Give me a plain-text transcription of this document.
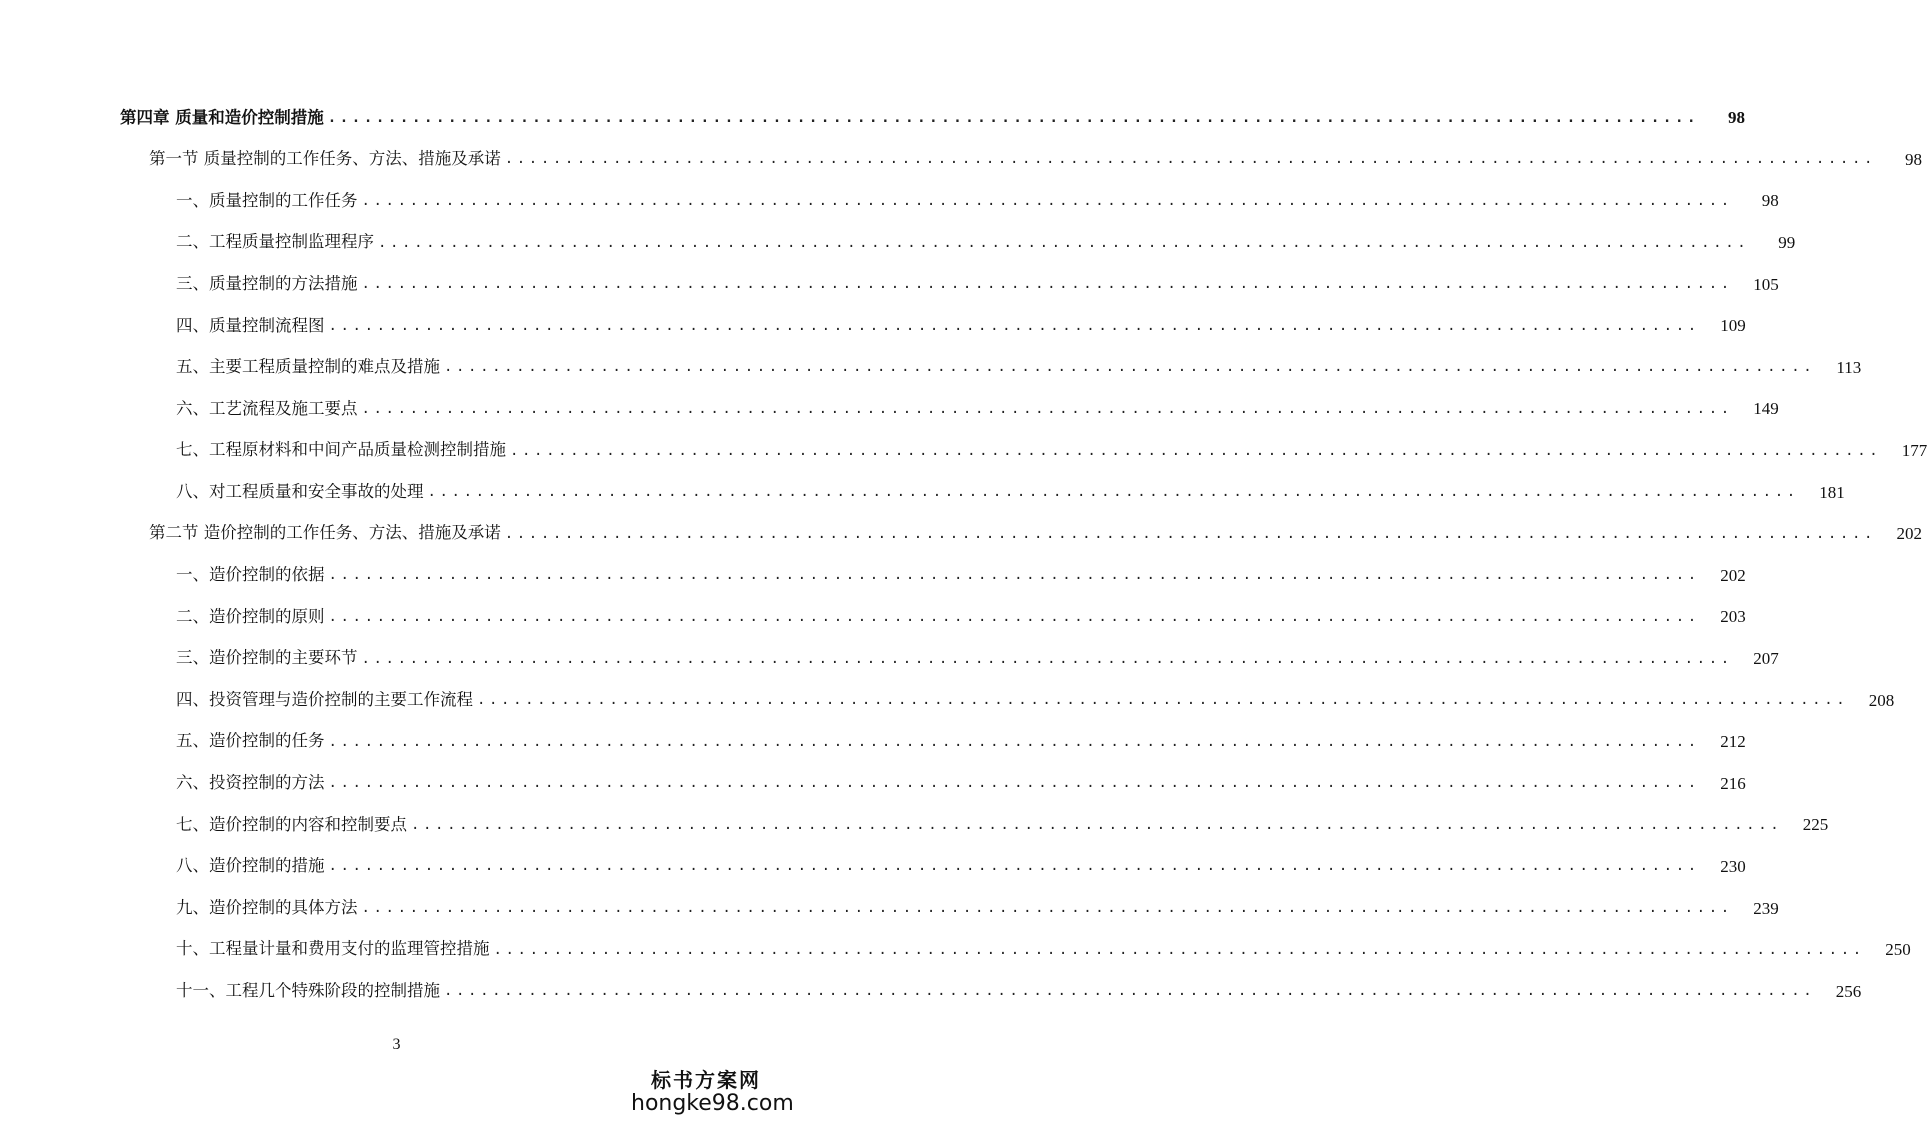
第四章 质量和造价控制措施 ..................................................................................................................	98
第一节 质量控制的工作任务、方法、措施及承诺 ..................................................................................................................	98
一、质量控制的工作任务 ..................................................................................................................	98
二、工程质量控制监理程序 ..................................................................................................................	99
三、质量控制的方法措施 ..................................................................................................................	105
四、质量控制流程图 ..................................................................................................................	109
五、主要工程质量控制的难点及措施 ..................................................................................................................	113
六、工艺流程及施工要点 ..................................................................................................................	149
七、工程原材料和中间产品质量检测控制措施 ..................................................................................................................	177
八、对工程质量和安全事故的处理 ..................................................................................................................	181
第二节 造价控制的工作任务、方法、措施及承诺 ..................................................................................................................	202
一、造价控制的依据 ..................................................................................................................	202
二、造价控制的原则 ..................................................................................................................	203
三、造价控制的主要环节 ..................................................................................................................	207
四、投资管理与造价控制的主要工作流程 ..................................................................................................................	208
五、造价控制的任务 ..................................................................................................................	212
六、投资控制的方法 ..................................................................................................................	216
七、造价控制的内容和控制要点 ..................................................................................................................	225
八、造价控制的措施 ..................................................................................................................	230
九、造价控制的具体方法 ..................................................................................................................	239
十、工程量计量和费用支付的监理管控措施 ..................................................................................................................	250
十一、工程几个特殊阶段的控制措施 ..................................................................................................................	256
3
标书方案网
hongke98.com
